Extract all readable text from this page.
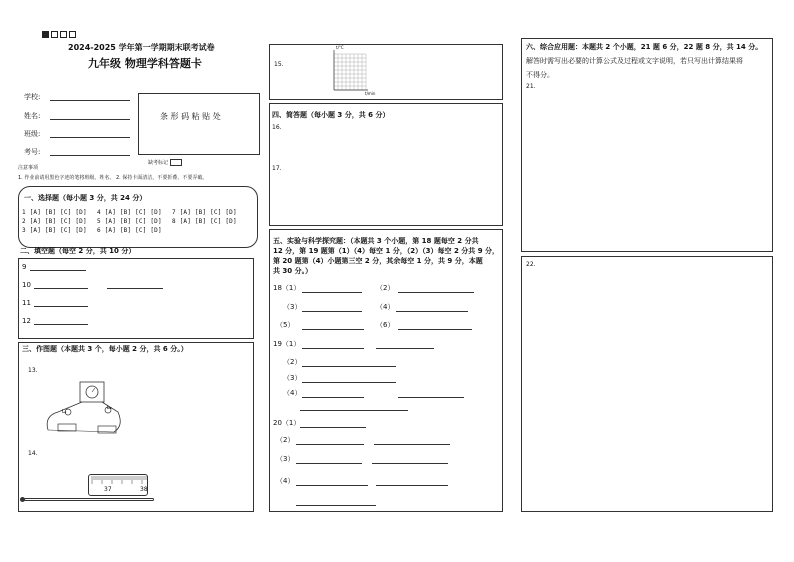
2024-2025 学年第一学期期末联考试卷
九年级 物理学科答题卡
学校:
姓名:
班级:
考号:
条 形 码 粘 贴 处
注意事项
缺考标记
1. 作业前请用黑色字迹的笔将班级、姓名、 2. 保持卡面清洁，不要折叠、不要弄破。
一、选择题（每小题 3 分，共 24 分）
1 [A] [B] [C] [D]
2 [A] [B] [C] [D]
3 [A] [B] [C] [D]
4 [A] [B] [C] [D]
5 [A] [B] [C] [D]
6 [A] [B] [C] [D]
7 [A] [B] [C] [D]
8 [A] [B] [C] [D]
二、填空题（每空 2 分，共 10 分）
9
10
11
12
三、作图题（本题共 3 个，每小题 2 分，共 6 分。）
13.
L₁
L₂
14.
37	38
15.
t/°C
t/min
四、简答题（每小题 3 分，共 6 分）
16.
17.
五、实验与科学探究题：（本题共 3 个小题，第 18 题每空 2 分共
12 分，第 19 题第（1）（4）每空 1 分，（2）（3）每空 2 分共 9 分，
第 20 题第（4）小题第三空 2 分，其余每空 1 分，共 9 分，本题
共 30 分。）
18（1）	（2）
（3）	（4）
（5）	（6）
19（1）
（2）
（3）
（4）
20（1）
（2）
（3）
（4）
六、综合应用题：本题共 2 个小题，21 题 6 分，22 题 8 分，共 14 分。
解答时需写出必要的计算公式及过程或文字说明，若只写出计算结果将
不得分。
21.
22.
